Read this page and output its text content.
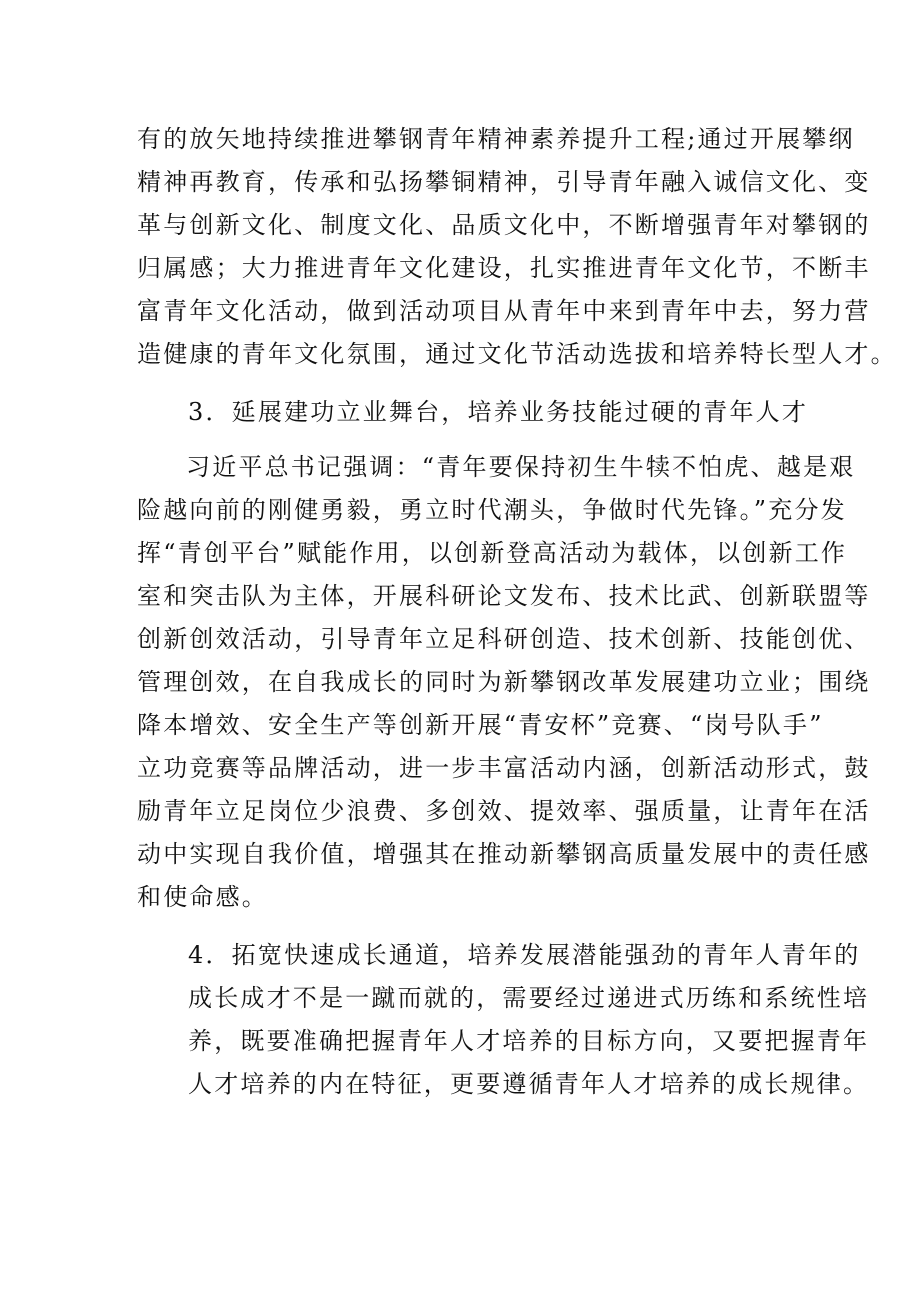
有的放矢地持续推进攀钢青年精神素养提升工程;通过开展攀纲
精神再教育，传承和弘扬攀铜精神，引导青年融入诚信文化、变
革与创新文化、制度文化、品质文化中，不断增强青年对攀钢的
归属感；大力推进青年文化建设，扎实推进青年文化节，不断丰
富青年文化活动，做到活动项目从青年中来到青年中去，努力营
造健康的青年文化氛围，通过文化节活动选拔和培养特长型人才。
3．延展建功立业舞台，培养业务技能过硬的青年人才
习近平总书记强调：“青年要保持初生牛犊不怕虎、越是艰
险越向前的刚健勇毅，勇立时代潮头，争做时代先锋。”充分发
挥“青创平台”赋能作用，以创新登高活动为载体，以创新工作
室和突击队为主体，开展科研论文发布、技术比武、创新联盟等
创新创效活动，引导青年立足科研创造、技术创新、技能创优、
管理创效，在自我成长的同时为新攀钢改革发展建功立业；围绕
降本增效、安全生产等创新开展“青安杯”竞赛、“岗号队手”
立功竞赛等品牌活动，进一步丰富活动内涵，创新活动形式，鼓
励青年立足岗位少浪费、多创效、提效率、强质量，让青年在活
动中实现自我价值，增强其在推动新攀钢高质量发展中的责任感
和使命感。
4．拓宽快速成长通道，培养发展潜能强劲的青年人青年的
成长成才不是一蹴而就的，需要经过递进式历练和系统性培
养，既要准确把握青年人才培养的目标方向，又要把握青年
人才培养的内在特征，更要遵循青年人才培养的成长规律。
